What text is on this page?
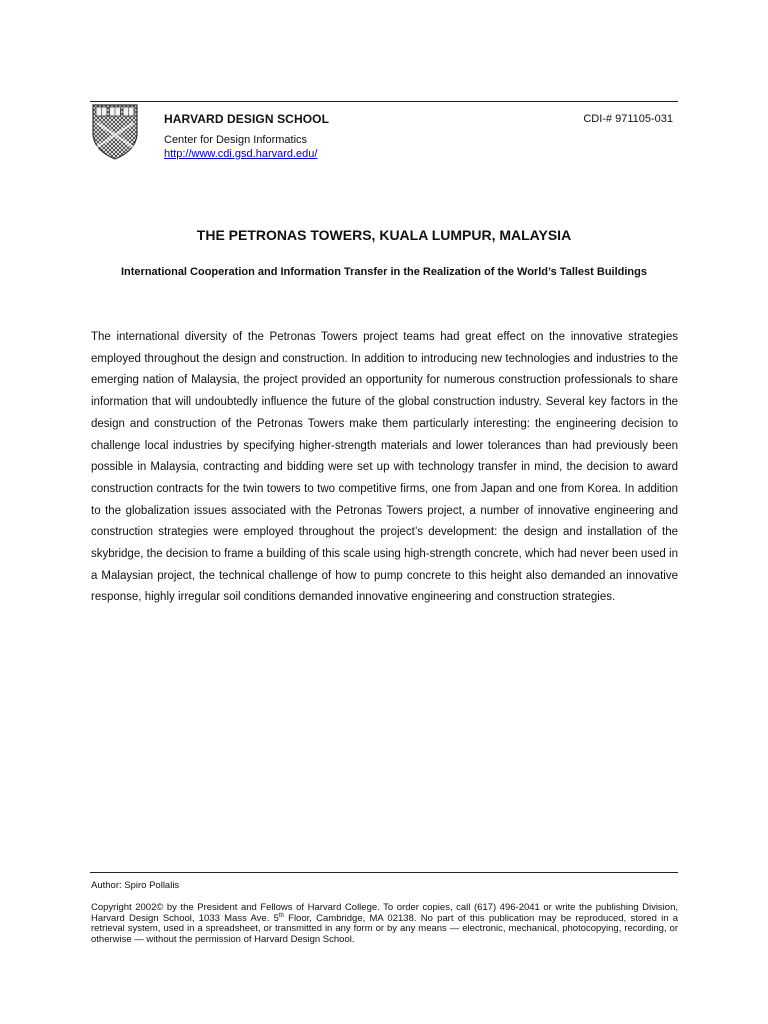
HARVARD DESIGN SCHOOL	CDI-# 971105-031
Center for Design Informatics
http://www.cdi.gsd.harvard.edu/
THE PETRONAS TOWERS, KUALA LUMPUR, MALAYSIA
International Cooperation and Information Transfer in the Realization of the World’s Tallest Buildings

The international diversity of the Petronas Towers project teams had great effect on the innovative strategies employed throughout the design and construction. In addition to introducing new technologies and industries to the emerging nation of Malaysia, the project provided an opportunity for numerous construction professionals to share information that will undoubtedly influence the future of the global construction industry. Several key factors in the design and construction of the Petronas Towers make them particularly interesting: the engineering decision to challenge local industries by specifying higher-strength materials and lower tolerances than had previously been possible in Malaysia, contracting and bidding were set up with technology transfer in mind, the decision to award construction contracts for the twin towers to two competitive firms, one from Japan and one from Korea. In addition to the globalization issues associated with the Petronas Towers project, a number of innovative engineering and construction strategies were employed throughout the project’s development: the design and installation of the skybridge, the decision to frame a building of this scale using high-strength concrete, which had never been used in a Malaysian project, the technical challenge of how to pump concrete to this height also demanded an innovative response, highly irregular soil conditions demanded innovative engineering and construction strategies.

Author: Spiro Pollalis

Copyright 2002© by the President and Fellows of Harvard College. To order copies, call (617) 496-2041 or write the publishing Division, Harvard Design School, 1033 Mass Ave. 5th Floor, Cambridge, MA 02138. No part of this publication may be reproduced, stored in a retrieval system, used in a spreadsheet, or transmitted in any form or by any means — electronic, mechanical, photocopying, recording, or otherwise — without the permission of Harvard Design School.
